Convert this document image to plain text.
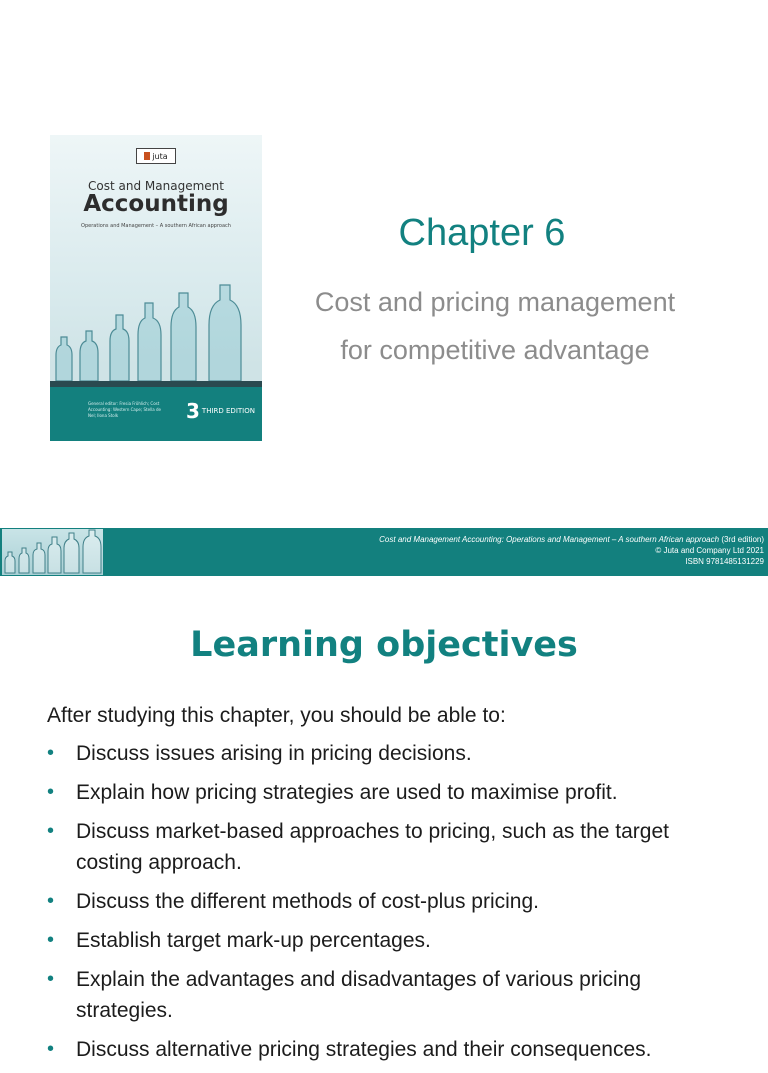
juta
Cost and Management
Accounting
Operations and Management – A southern African approach
General editor: Fresia Fröhlich; Cost Accounting: Western Cape; Stella de Nel; Ilona Stolk	3 THIRD EDITION
Chapter 6
Cost and pricing management
for competitive advantage
Cost and Management Accounting: Operations and Management – A southern African approach (3rd edition)
© Juta and Company Ltd 2021
ISBN 9781485131229
Learning objectives
After studying this chapter, you should be able to:
• Discuss issues arising in pricing decisions.
• Explain how pricing strategies are used to maximise profit.
• Discuss market-based approaches to pricing, such as the target costing approach.
• Discuss the different methods of cost-plus pricing.
• Establish target mark-up percentages.
• Explain the advantages and disadvantages of various pricing strategies.
• Discuss alternative pricing strategies and their consequences.
